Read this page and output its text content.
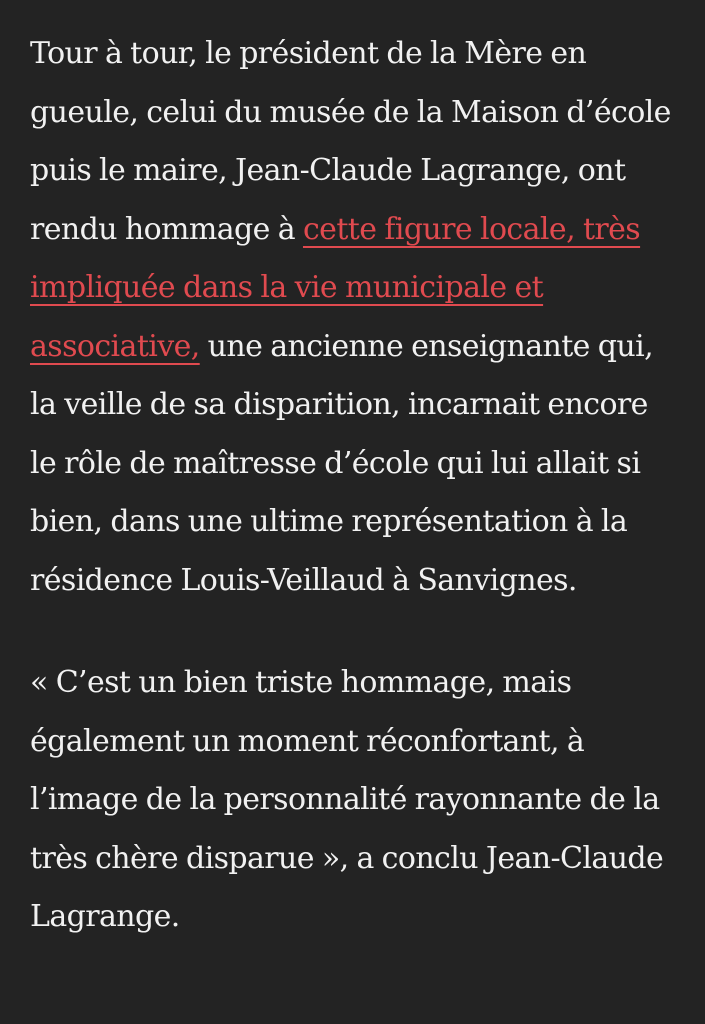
Tour à tour, le président de la Mère en gueule, celui du musée de la Maison d’école puis le maire, Jean-Claude Lagrange, ont rendu hommage à cette figure locale, très impliquée dans la vie municipale et associative, une ancienne enseignante qui, la veille de sa disparition, incarnait encore le rôle de maîtresse d’école qui lui allait si bien, dans une ultime représentation à la résidence Louis-Veillaud à Sanvignes.

« C’est un bien triste hommage, mais également un moment réconfortant, à l’image de la personnalité rayonnante de la très chère disparue », a conclu Jean-Claude Lagrange.
